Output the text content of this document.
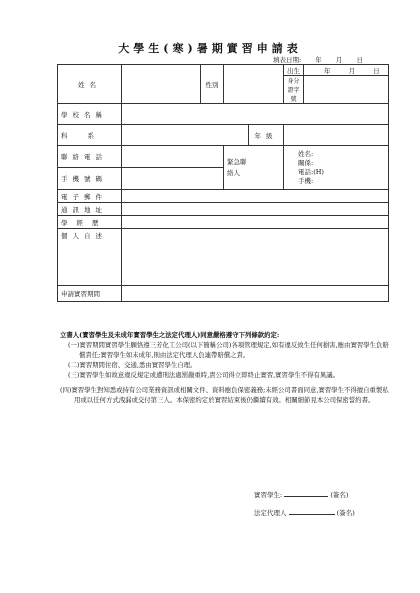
大學生(寒)暑期實習申請表
填表日期: 年 月 日
姓名		性別			出生	年 月 日
					身分證字號	
學校名稱						
科系				年級		
聯絡電話			緊急聯絡人		姓名:
關係:
電話:(H)
手機:	

手機號碼						
電子郵件						
通訊地址						
學經歷						
個人自述						
申請實習期間						
立書人(實習學生及未成年實習學生之法定代理人)同意嚴格遵守下列條款約定:
(一)實習期間實習學生願恪遵三芳化工公司(以下簡稱公司)各項管理規定,如有違反致生任何損害,應由實習學生負賠償責任;實習學生如未成年,則由法定代理人負連帶賠償之責。
(二)實習期間住宿、交通,悉由實習學生自理。
(三)實習學生如故意違反規定或遭刑法處罰嚴重時,貴公司得立即終止實習,實習學生不得有異議。
(四)實習學生對知悉或持有公司業務資訊或相關文件、資料應負保密義務;未經公司書面同意,實習學生不得擅自重製私用或以任何方式洩漏或交付第三人。本保密約定於實習結束後仍繼續有效。相關細節見本公司保密誓約書。
實習學生:	(簽名)
法定代理人	(簽名)
